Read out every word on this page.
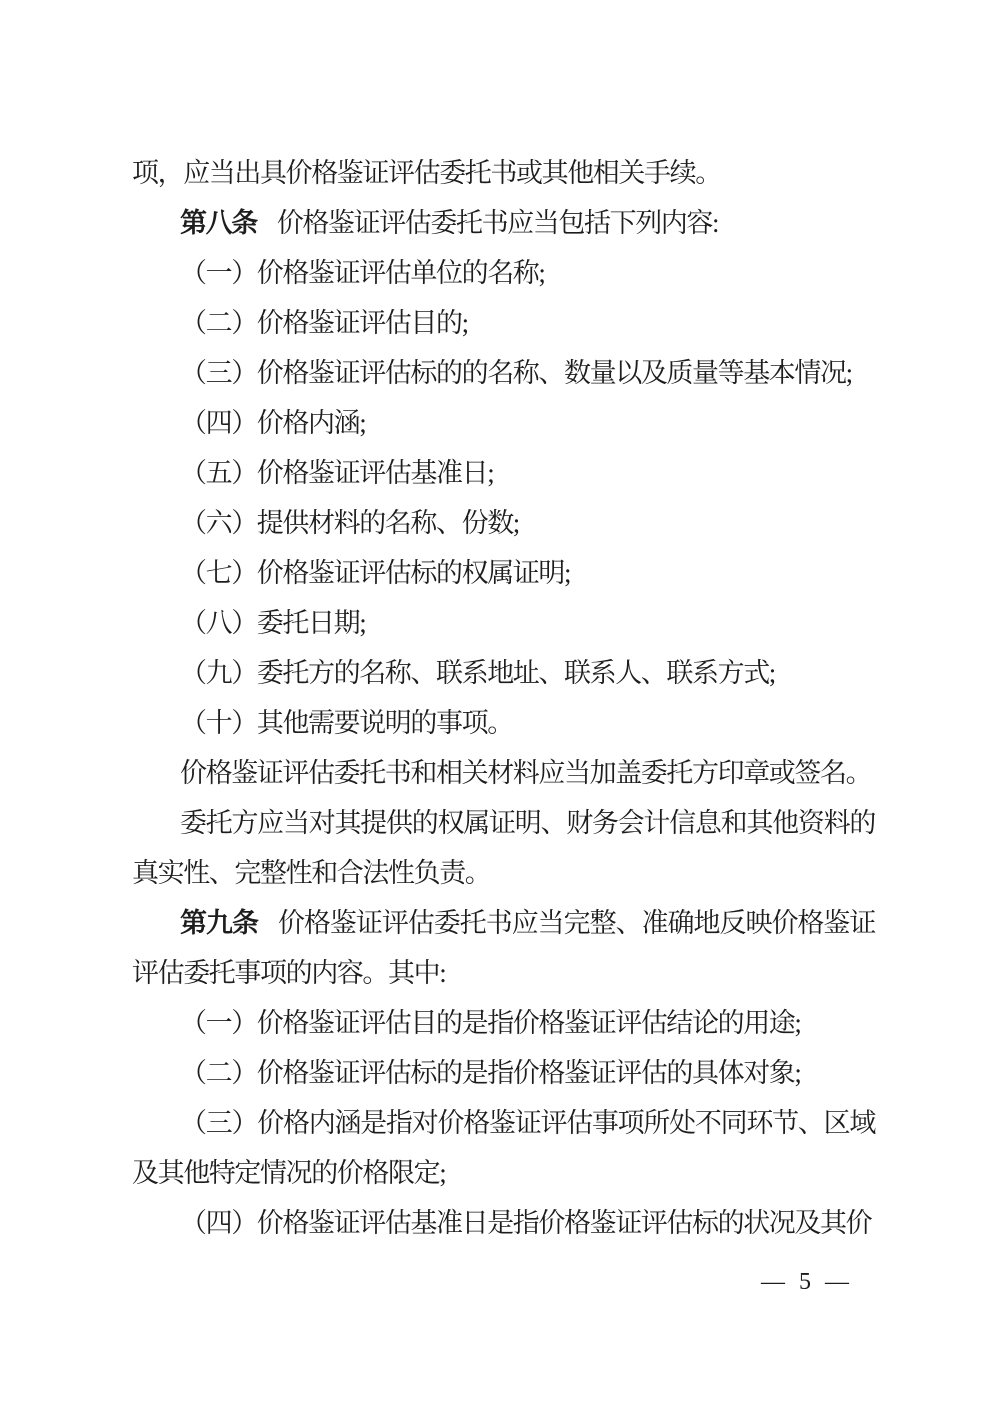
项，应当出具价格鉴证评估委托书或其他相关手续。

第八条 价格鉴证评估委托书应当包括下列内容:

（一）价格鉴证评估单位的名称;

（二）价格鉴证评估目的;

（三）价格鉴证评估标的的名称、数量以及质量等基本情况;

（四）价格内涵;

（五）价格鉴证评估基准日;

（六）提供材料的名称、份数;

（七）价格鉴证评估标的权属证明;

（八）委托日期;

（九）委托方的名称、联系地址、联系人、联系方式;

（十）其他需要说明的事项。

价格鉴证评估委托书和相关材料应当加盖委托方印章或签名。

委托方应当对其提供的权属证明、财务会计信息和其他资料的真实性、完整性和合法性负责。

第九条 价格鉴证评估委托书应当完整、准确地反映价格鉴证评估委托事项的内容。其中:

（一）价格鉴证评估目的是指价格鉴证评估结论的用途;

（二）价格鉴证评估标的是指价格鉴证评估的具体对象;

（三）价格内涵是指对价格鉴证评估事项所处不同环节、区域及其他特定情况的价格限定;

（四）价格鉴证评估基准日是指价格鉴证评估标的状况及其价

— 5 —
